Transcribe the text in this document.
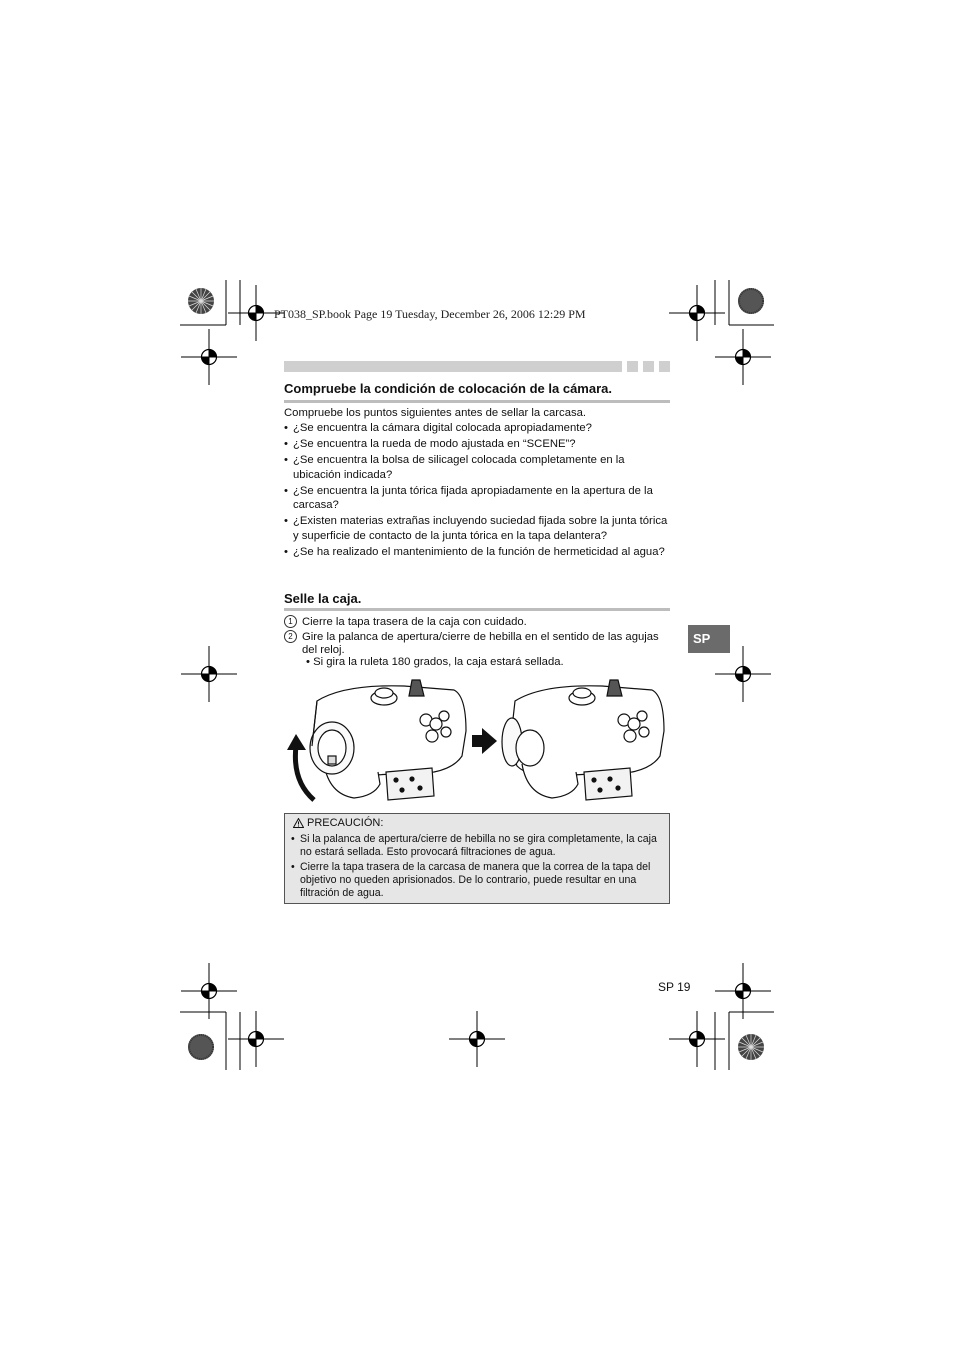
PT038_SP.book Page 19 Tuesday, December 26, 2006 12:29 PM
Compruebe la condición de colocación de la cámara.
Compruebe los puntos siguientes antes de sellar la carcasa.
• ¿Se encuentra la cámara digital colocada apropiadamente?
• ¿Se encuentra la rueda de modo ajustada en “SCENE”?
• ¿Se encuentra la bolsa de silicagel colocada completamente en la ubicación indicada?
• ¿Se encuentra la junta tórica fijada apropiadamente en la apertura de la carcasa?
• ¿Existen materias extrañas incluyendo suciedad fijada sobre la junta tórica y superficie de contacto de la junta tórica en la tapa delantera?
• ¿Se ha realizado el mantenimiento de la función de hermeticidad al agua?
Selle la caja.
1 Cierre la tapa trasera de la caja con cuidado.
2 Gire la palanca de apertura/cierre de hebilla en el sentido de las agujas del reloj.
• Si gira la ruleta 180 grados, la caja estará sellada.
SP
PRECAUCIÓN:
• Si la palanca de apertura/cierre de hebilla no se gira completamente, la caja no estará sellada. Esto provocará filtraciones de agua.
• Cierre la tapa trasera de la carcasa de manera que la correa de la tapa del objetivo no queden aprisionados. De lo contrario, puede resultar en una filtración de agua.
SP 19
